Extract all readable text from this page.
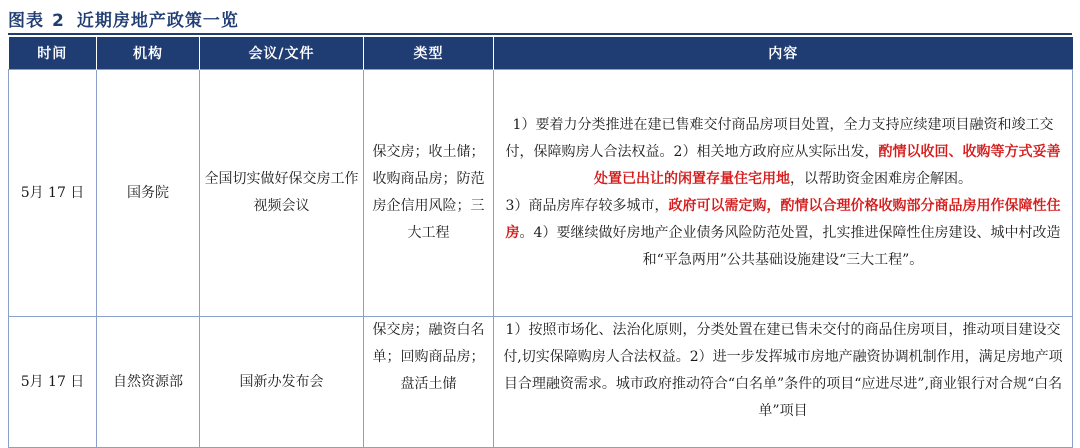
图表 2 近期房地产政策一览
时间	机构	会议/文件	类型	内容
5月 17 日	国务院	全国切实做好保交房工作视频会议	保交房；收土储；收购商品房；防范房企信用风险；三大工程	1）要着力分类推进在建已售难交付商品房项目处置，全力支持应续建项目融资和竣工交付，保障购房人合法权益。2）相关地方政府应从实际出发，酌情以收回、收购等方式妥善处置已出让的闲置存量住宅用地，以帮助资金困难房企解困。
3）商品房库存较多城市，政府可以需定购，酌情以合理价格收购部分商品房用作保障性住房。4）要继续做好房地产企业债务风险防范处置，扎实推进保障性住房建设、城中村改造和“平急两用”公共基础设施建设“三大工程”。

5月 17 日	自然资源部	国新办发布会	保交房；融资白名单；回购商品房；盘活土储	1）按照市场化、法治化原则，分类处置在建已售未交付的商品住房项目，推动项目建设交付,切实保障购房人合法权益。2）进一步发挥城市房地产融资协调机制作用，满足房地产项目合理融资需求。城市政府推动符合“白名单”条件的项目“应进尽进”,商业银行对合规“白名单”项目
